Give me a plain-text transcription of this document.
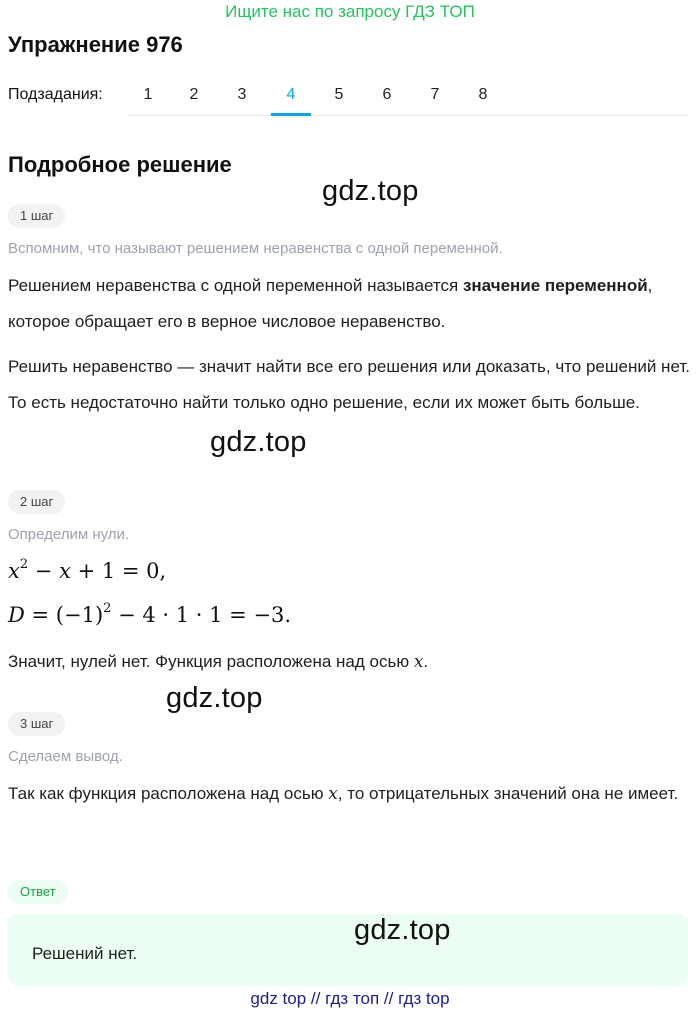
Ищите нас по запросу ГДЗ ТОП
Упражнение 976
Подзадания:	1	2	3	4	5	6	7	8
Подробное решение
gdz.top
1 шаг
Вспомним, что называют решением неравенства с одной переменной.
Решением неравенства с одной переменной называется значение переменной, которое обращает его в верное числовое неравенство.
Решить неравенство — значит найти все его решения или доказать, что решений нет. То есть недостаточно найти только одно решение, если их может быть больше.
gdz.top
2 шаг
Определим нули.
$x^2 - x + 1 = 0$,
$D = (-1)^2 - 4 \cdot 1 \cdot 1 = -3$.
Значит, нулей нет. Функция расположена над осью x.
gdz.top
3 шаг
Сделаем вывод.
Так как функция расположена над осью x, то отрицательных значений она не имеет.
Ответ
Решений нет.
gdz.top
gdz top // гдз топ // гдз top
